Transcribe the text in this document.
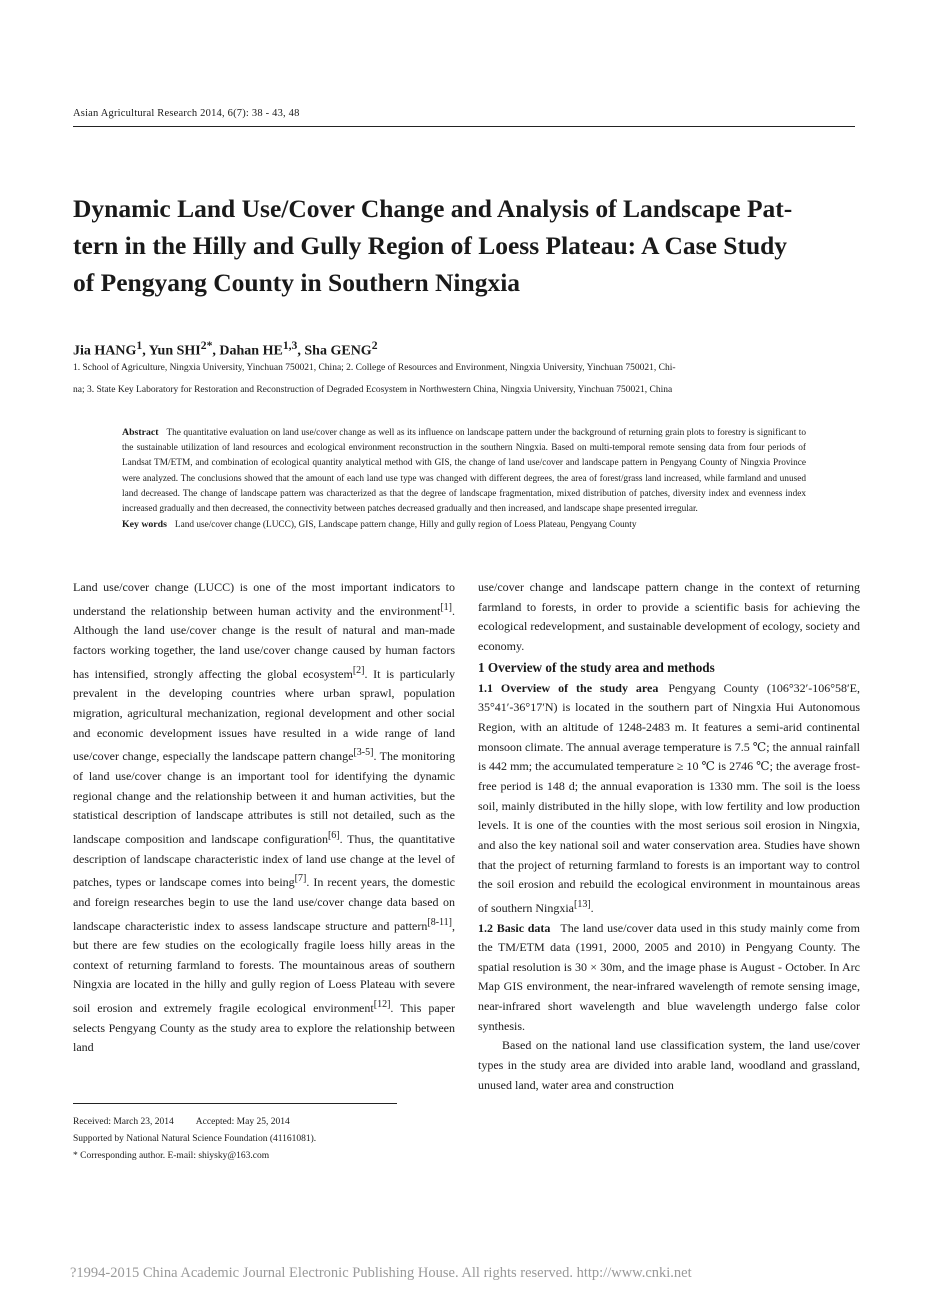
Asian Agricultural Research 2014, 6(7): 38 - 43, 48
Dynamic Land Use/Cover Change and Analysis of Landscape Pat-
tern in the Hilly and Gully Region of Loess Plateau: A Case Study
of Pengyang County in Southern Ningxia
Jia HANG$^1$, Yun $SHI^{2*}$, Dahan HE$^{1,3}$, Sha GENG$^2$
1. School of Agriculture, Ningxia University, Yinchuan 750021, China; 2. College of Resources and Environment, Ningxia University, Yinchuan 750021, Chi-
na; 3. State Key Laboratory for Restoration and Reconstruction of Degraded Ecosystem in Northwestern China, Ningxia University, Yinchuan 750021, China

Abstract The quantitative evaluation on land use/cover change as well as its influence on landscape pattern under the background of returning grain plots to forestry is significant to the sustainable utilization of land resources and ecological environment reconstruction in the southern Ningxia. Based on multi-temporal remote sensing data from four periods of Landsat TM/ETM, and combination of ecological quantity analytical method with GIS, the change of land use/cover and landscape pattern in Pengyang County of Ningxia Province were analyzed. The conclusions showed that the amount of each land use type was changed with different degrees, the area of forest/grass land increased, while farmland and unused land decreased. The change of landscape pattern was characterized as that the degree of landscape fragmentation, mixed distribution of patches, diversity index and evenness index increased gradually and then decreased, the connectivity between patches decreased gradually and then increased, and landscape shape presented irregular.

Key words Land use/cover change (LUCC), GIS, Landscape pattern change, Hilly and gully region of Loess Plateau, Pengyang County

Land use/cover change (LUCC) is one of the most important indicators to understand the relationship between human activity and the environment[1]. Although the land use/cover change is the result of natural and man-made factors working together, the land use/cover change caused by human factors has intensified, strongly affecting the global ecosystem[2]. It is particularly prevalent in the developing countries where urban sprawl, population migration, agricultural mechanization, regional development and other social and economic development issues have resulted in a wide range of land use/cover change, especially the landscape pattern change[3-5]. The monitoring of land use/cover change is an important tool for identifying the dynamic regional change and the relationship between it and human activities, but the statistical description of landscape attributes is still not detailed, such as the landscape composition and landscape configuration[6]. Thus, the quantitative description of landscape characteristic index of land use change at the level of patches, types or landscape comes into being[7]. In recent years, the domestic and foreign researches begin to use the land use/cover change data based on landscape characteristic index to assess landscape structure and pattern[8-11], but there are few studies on the ecologically fragile loess hilly areas in the context of returning farmland to forests. The mountainous areas of southern Ningxia are located in the hilly and gully region of Loess Plateau with severe soil erosion and extremely fragile ecological environment[12]. This paper selects Pengyang County as the study area to explore the relationship between land

use/cover change and landscape pattern change in the context of returning farmland to forests, in order to provide a scientific basis for achieving the ecological redevelopment, and sustainable development of ecology, society and economy.

1 Overview of the study area and methods

1.1 Overview of the study area Pengyang County (106°32′-106°58′E, 35°41′-36°17′N) is located in the southern part of Ningxia Hui Autonomous Region, with an altitude of 1248-2483 m. It features a semi-arid continental monsoon climate. The annual average temperature is 7.5 ℃; the annual rainfall is 442 mm; the accumulated temperature ≥ 10 ℃ is 2746 ℃; the average frost-free period is 148 d; the annual evaporation is 1330 mm. The soil is the loess soil, mainly distributed in the hilly slope, with low fertility and low production levels. It is one of the counties with the most serious soil erosion in Ningxia, and also the key national soil and water conservation area. Studies have shown that the project of returning farmland to forests is an important way to control the soil erosion and rebuild the ecological environment in mountainous areas of southern Ningxia[13].

1.2 Basic data The land use/cover data used in this study mainly come from the TM/ETM data (1991, 2000, 2005 and 2010) in Pengyang County. The spatial resolution is 30 × 30m, and the image phase is August - October. In Arc Map GIS environment, the near-infrared wavelength of remote sensing image, near-infrared short wavelength and blue wavelength undergo false color synthesis.

Based on the national land use classification system, the land use/cover types in the study area are divided into arable land, woodland and grassland, unused land, water area and construction

Received: March 23, 2014 Accepted: May 25, 2014
Supported by National Natural Science Foundation (41161081).
* Corresponding author. E-mail: shiysky@163.com
?1994-2015 China Academic Journal Electronic Publishing House. All rights reserved. http://www.cnki.net
